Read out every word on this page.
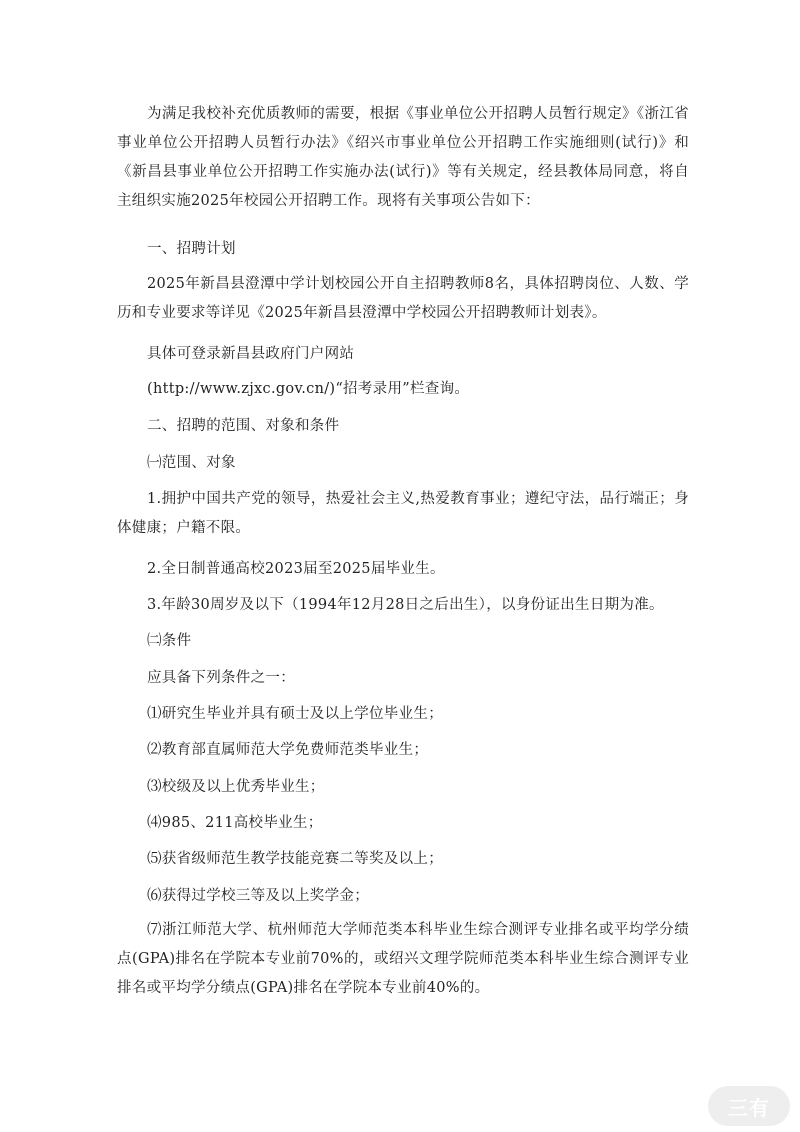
为满足我校补充优质教师的需要，根据《事业单位公开招聘人员暂行规定》《浙江省事业单位公开招聘人员暂行办法》《绍兴市事业单位公开招聘工作实施细则(试行)》和《新昌县事业单位公开招聘工作实施办法(试行)》等有关规定，经县教体局同意，将自主组织实施2025年校园公开招聘工作。现将有关事项公告如下：

一、招聘计划

2025年新昌县澄潭中学计划校园公开自主招聘教师8名，具体招聘岗位、人数、学历和专业要求等详见《2025年新昌县澄潭中学校园公开招聘教师计划表》。

具体可登录新昌县政府门户网站

(http://www.zjxc.gov.cn/)“招考录用”栏查询。

二、招聘的范围、对象和条件

㈠范围、对象

1.拥护中国共产党的领导，热爱社会主义,热爱教育事业；遵纪守法，品行端正；身体健康；户籍不限。

2.全日制普通高校2023届至2025届毕业生。

3.年龄30周岁及以下（1994年12月28日之后出生），以身份证出生日期为准。

㈡条件

应具备下列条件之一：

⑴研究生毕业并具有硕士及以上学位毕业生；

⑵教育部直属师范大学免费师范类毕业生；

⑶校级及以上优秀毕业生；

⑷985、211高校毕业生；

⑸获省级师范生教学技能竞赛二等奖及以上；

⑹获得过学校三等及以上奖学金；

⑺浙江师范大学、杭州师范大学师范类本科毕业生综合测评专业排名或平均学分绩点(GPA)排名在学院本专业前70%的，或绍兴文理学院师范类本科毕业生综合测评专业排名或平均学分绩点(GPA)排名在学院本专业前40%的。

三有
